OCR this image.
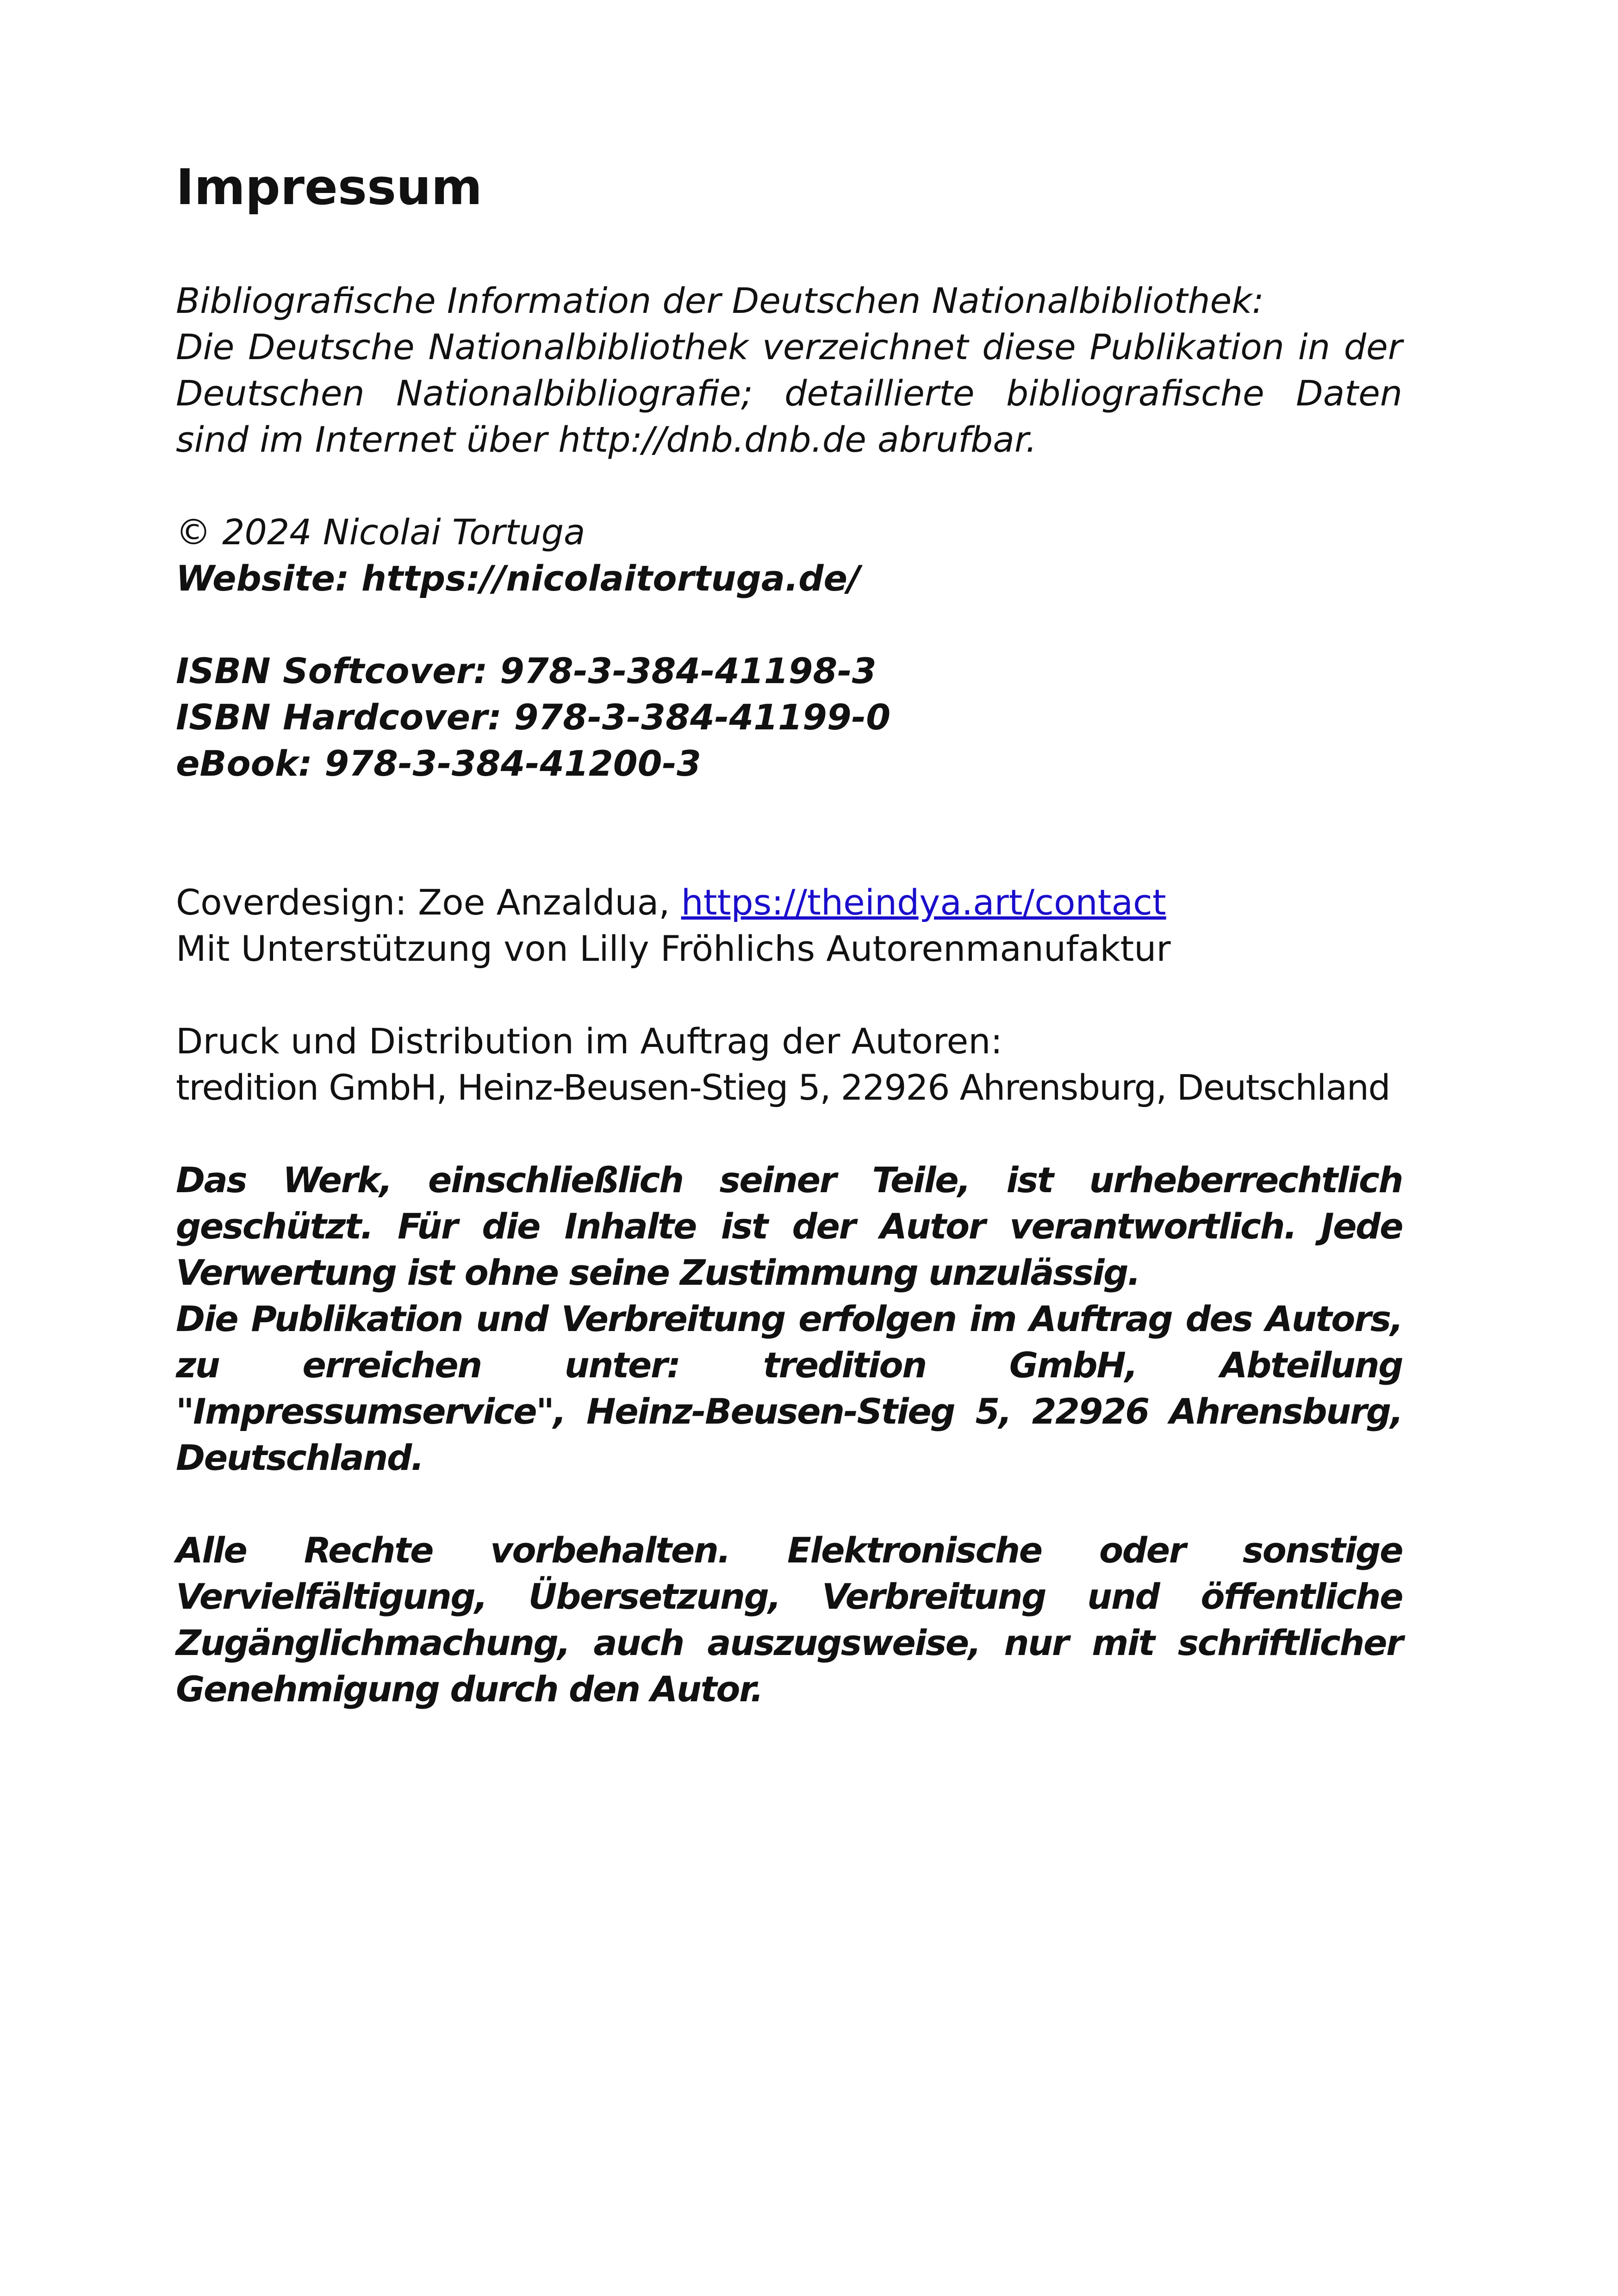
Impressum

Bibliografische Information der Deutschen Nationalbibliothek:

Die Deutsche Nationalbibliothek verzeichnet diese Publikation in der Deutschen Nationalbibliografie; detaillierte bibliografische Daten sind im Internet über http://dnb.dnb.de abrufbar.

© 2024 Nicolai Tortuga

Website: https://nicolaitortuga.de/

ISBN Softcover: 978-3-384-41198-3

ISBN Hardcover: 978-3-384-41199-0

eBook: 978-3-384-41200-3

Coverdesign: Zoe Anzaldua, https://theindya.art/contact

Mit Unterstützung von Lilly Fröhlichs Autorenmanufaktur

Druck und Distribution im Auftrag der Autoren:

tredition GmbH, Heinz-Beusen-Stieg 5, 22926 Ahrensburg, Deutschland

Das Werk, einschließlich seiner Teile, ist urheberrechtlich geschützt. Für die Inhalte ist der Autor verantwortlich. Jede Verwertung ist ohne seine Zustimmung unzulässig.

Die Publikation und Verbreitung erfolgen im Auftrag des Autors, zu erreichen unter: tredition GmbH, Abteilung "Impressumservice", Heinz-Beusen-Stieg 5, 22926 Ahrensburg, Deutschland.

Alle Rechte vorbehalten. Elektronische oder sonstige Vervielfältigung, Übersetzung, Verbreitung und öffentliche Zugänglichmachung, auch auszugsweise, nur mit schriftlicher Genehmigung durch den Autor.
